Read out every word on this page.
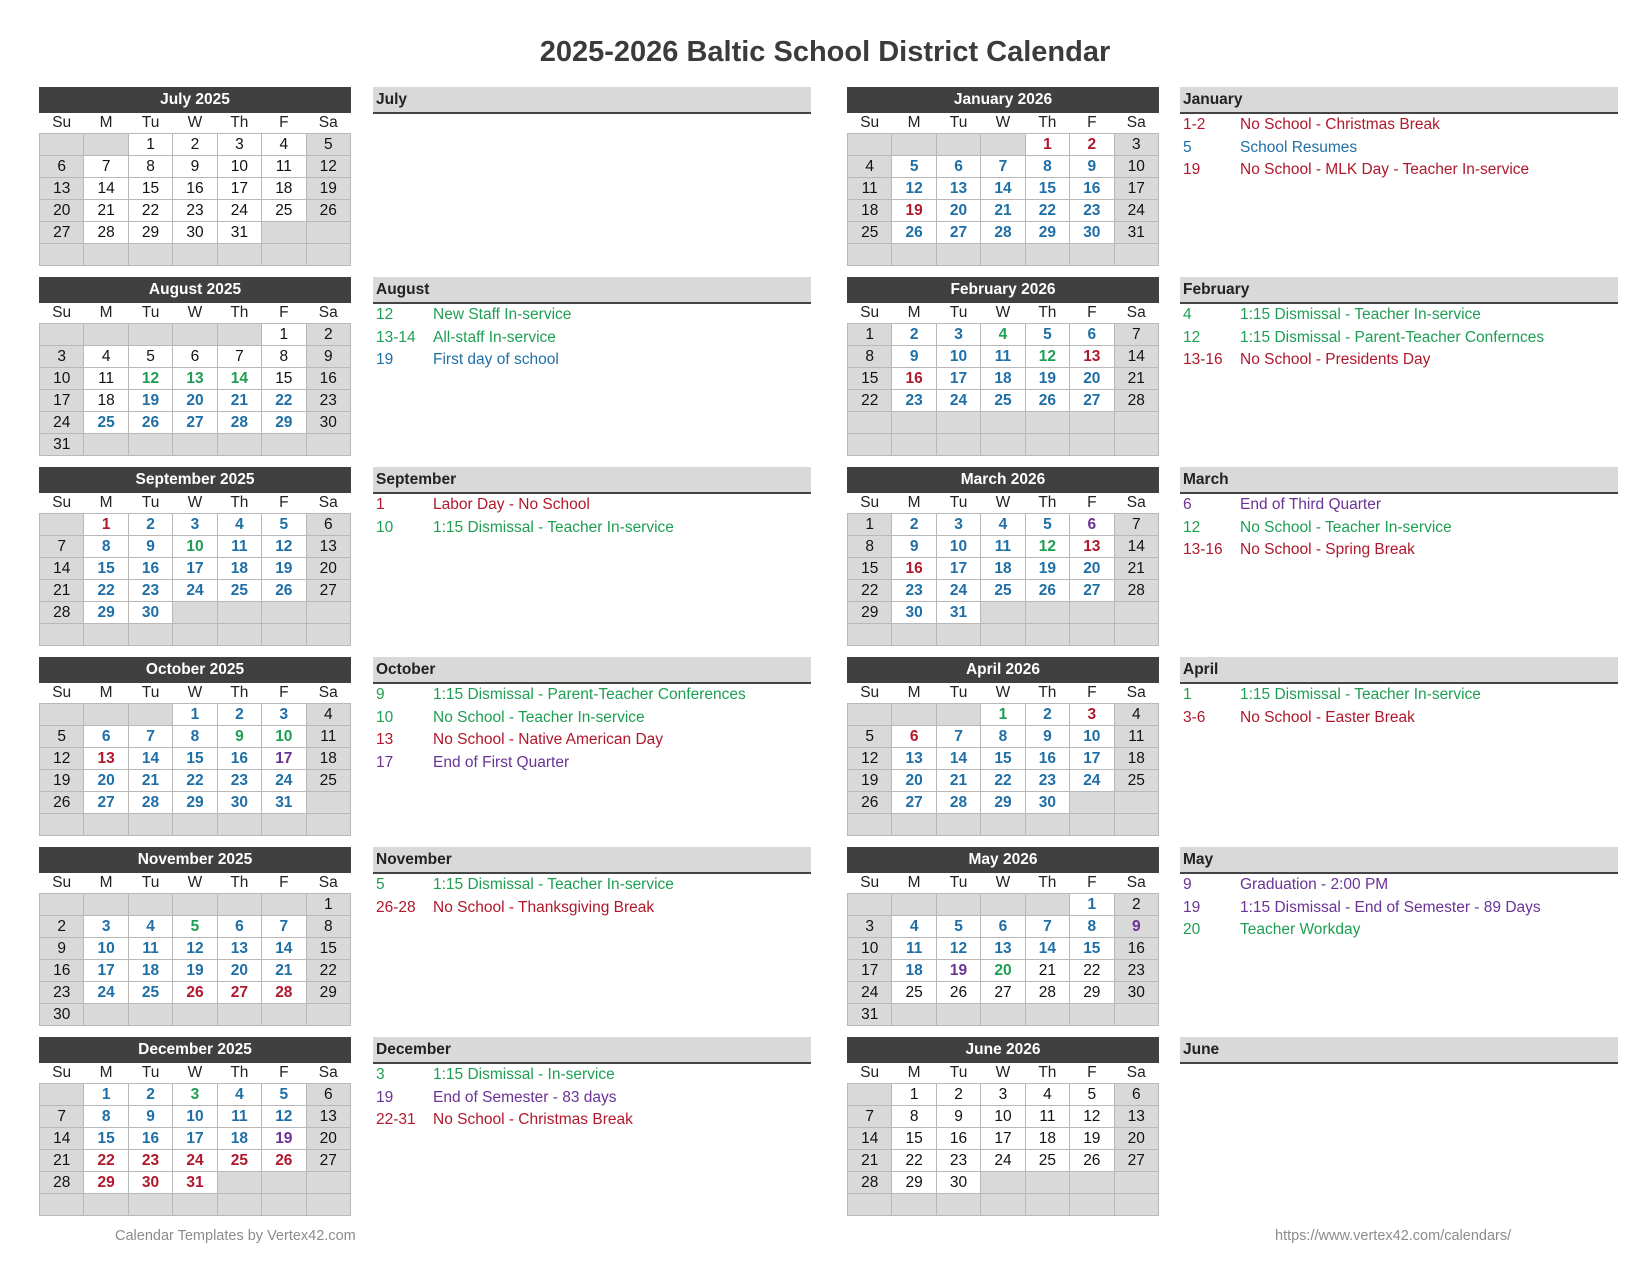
2025-2026 Baltic School District Calendar
July 2025
Su	M	Tu	W	Th	F	Sa
		1	2	3	4	5
6	7	8	9	10	11	12
13	14	15	16	17	18	19
20	21	22	23	24	25	26
27	28	29	30	31		

July
August 2025
Su	M	Tu	W	Th	F	Sa
					1	2
3	4	5	6	7	8	9
10	11	12	13	14	15	16
17	18	19	20	21	22	23
24	25	26	27	28	29	30
31						
August
12	New Staff In-service
13-14 All-staff In-service
19	First day of school
September 2025
Su	M	Tu	W	Th	F	Sa
	1	2	3	4	5	6
7	8	9	10	11	12	13
14	15	16	17	18	19	20
21	22	23	24	25	26	27
28	29	30				

September
1	Labor Day - No School
10	1:15 Dismissal - Teacher In-service
October 2025
Su	M	Tu	W	Th	F	Sa
			1	2	3	4
5	6	7	8	9	10	11
12	13	14	15	16	17	18
19	20	21	22	23	24	25
26	27	28	29	30	31	

October
9	1:15 Dismissal - Parent-Teacher Conferences
10	No School - Teacher In-service
13	No School - Native American Day
17	End of First Quarter
November 2025
Su	M	Tu	W	Th	F	Sa
						1
2	3	4	5	6	7	8
9	10	11	12	13	14	15
16	17	18	19	20	21	22
23	24	25	26	27	28	29
30						
November
5	1:15 Dismissal - Teacher In-service
26-28 No School - Thanksgiving Break
December 2025
Su	M	Tu	W	Th	F	Sa
	1	2	3	4	5	6
7	8	9	10	11	12	13
14	15	16	17	18	19	20
21	22	23	24	25	26	27
28	29	30	31			

December
3	1:15 Dismissal - In-service
19	End of Semester - 83 days
22-31 No School - Christmas Break
January 2026
Su	M	Tu	W	Th	F	Sa
				1	2	3
4	5	6	7	8	9	10
11	12	13	14	15	16	17
18	19	20	21	22	23	24
25	26	27	28	29	30	31

January
1-2 No School - Christmas Break
5	School Resumes
19	No School - MLK Day - Teacher In-service
February 2026
Su	M	Tu	W	Th	F	Sa
1	2	3	4	5	6	7
8	9	10	11	12	13	14
15	16	17	18	19	20	21
22	23	24	25	26	27	28

February
4	1:15 Dismissal - Teacher In-service
12	1:15 Dismissal - Parent-Teacher Confernces
13-16 No School - Presidents Day
March 2026
Su	M	Tu	W	Th	F	Sa
1	2	3	4	5	6	7
8	9	10	11	12	13	14
15	16	17	18	19	20	21
22	23	24	25	26	27	28
29	30	31				

March
6	End of Third Quarter
12	No School - Teacher In-service
13-16 No School - Spring Break
April 2026
Su	M	Tu	W	Th	F	Sa
			1	2	3	4
5	6	7	8	9	10	11
12	13	14	15	16	17	18
19	20	21	22	23	24	25
26	27	28	29	30		

April
1	1:15 Dismissal - Teacher In-service
3-6 No School - Easter Break
May 2026
Su	M	Tu	W	Th	F	Sa
					1	2
3	4	5	6	7	8	9
10	11	12	13	14	15	16
17	18	19	20	21	22	23
24	25	26	27	28	29	30
31						
May
9	Graduation - 2:00 PM
19	1:15 Dismissal - End of Semester - 89 Days
20	Teacher Workday
June 2026
Su	M	Tu	W	Th	F	Sa
	1	2	3	4	5	6
7	8	9	10	11	12	13
14	15	16	17	18	19	20
21	22	23	24	25	26	27
28	29	30				

June
Calendar Templates by Vertex42.com	https://www.vertex42.com/calendars/
